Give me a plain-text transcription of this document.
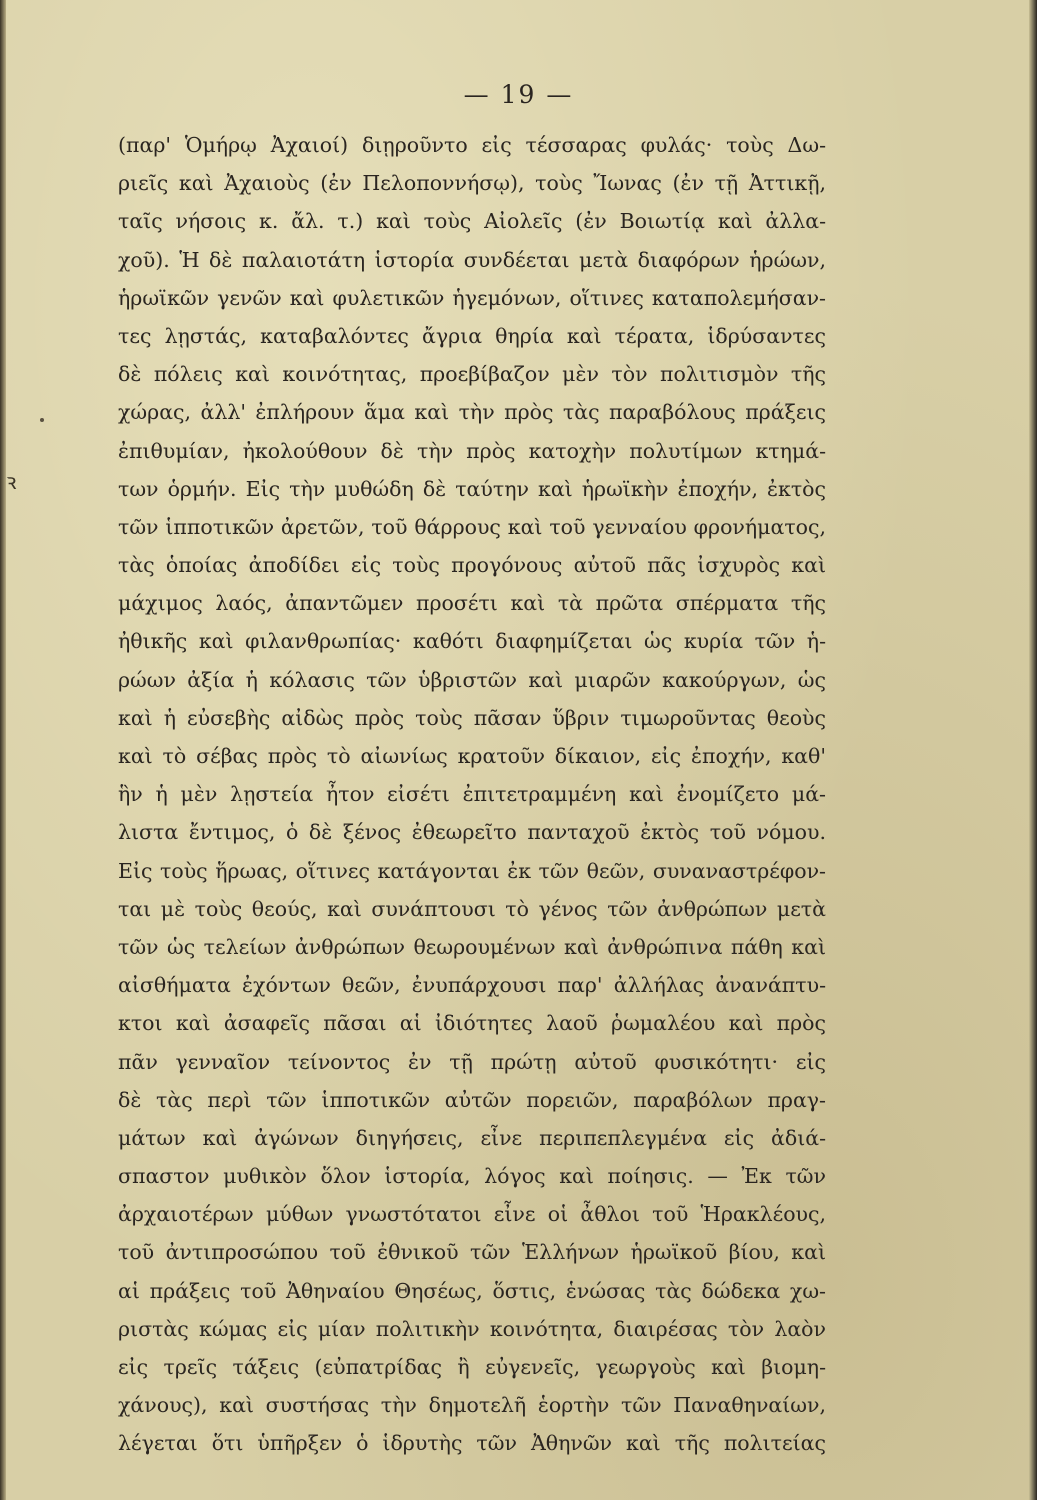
ꝛ
— 19 —
(παρ' Ὁμήρῳ Ἀχαιοί) διῃροῦντο εἰς τέσσαρας φυλάς· τοὺς Δω-
ριεῖς καὶ Ἀχαιοὺς (ἐν Πελοποννήσῳ), τοὺς Ἴωνας (ἐν τῇ Ἀττικῇ,
ταῖς νήσοις κ. ἄλ. τ.) καὶ τοὺς Αἰολεῖς (ἐν Βοιωτίᾳ καὶ ἀλλα-
χοῦ). Ἡ δὲ παλαιοτάτη ἱστορία συνδέεται μετὰ διαφόρων ἡρώων,
ἡρωϊκῶν γενῶν καὶ φυλετικῶν ἡγεμόνων, οἵτινες καταπολεμήσαν-
τες λῃστάς, καταβαλόντες ἄγρια θηρία καὶ τέρατα, ἱδρύσαντες
δὲ πόλεις καὶ κοινότητας, προεβίβαζον μὲν τὸν πολιτισμὸν τῆς
χώρας, ἀλλ' ἐπλήρουν ἅμα καὶ τὴν πρὸς τὰς παραβόλους πράξεις
ἐπιθυμίαν, ἠκολούθουν δὲ τὴν πρὸς κατοχὴν πολυτίμων κτημά-
των ὁρμήν. Εἰς τὴν μυθώδη δὲ ταύτην καὶ ἡρωϊκὴν ἐποχήν, ἐκτὸς
τῶν ἱπποτικῶν ἀρετῶν, τοῦ θάρρους καὶ τοῦ γενναίου φρονήματος,
τὰς ὁποίας ἀποδίδει εἰς τοὺς προγόνους αὐτοῦ πᾶς ἰσχυρὸς καὶ
μάχιμος λαός, ἀπαντῶμεν προσέτι καὶ τὰ πρῶτα σπέρματα τῆς
ἠθικῆς καὶ φιλανθρωπίας· καθότι διαφημίζεται ὡς κυρία τῶν ἡ-
ρώων ἀξία ἡ κόλασις τῶν ὑβριστῶν καὶ μιαρῶν κακούργων, ὡς
καὶ ἡ εὐσεβὴς αἰδὼς πρὸς τοὺς πᾶσαν ὕβριν τιμωροῦντας θεοὺς
καὶ τὸ σέβας πρὸς τὸ αἰωνίως κρατοῦν δίκαιον, εἰς ἐποχήν, καθ'
ἣν ἡ μὲν λῃστεία ἦτον εἰσέτι ἐπιτετραμμένη καὶ ἐνομίζετο μά-
λιστα ἔντιμος, ὁ δὲ ξένος ἐθεωρεῖτο πανταχοῦ ἐκτὸς τοῦ νόμου.
Εἰς τοὺς ἥρωας, οἵτινες κατάγονται ἐκ τῶν θεῶν, συναναστρέφον-
ται μὲ τοὺς θεούς, καὶ συνάπτουσι τὸ γένος τῶν ἀνθρώπων μετὰ
τῶν ὡς τελείων ἀνθρώπων θεωρουμένων καὶ ἀνθρώπινα πάθη καὶ
αἰσθήματα ἐχόντων θεῶν, ἐνυπάρχουσι παρ' ἀλλήλας ἀνανάπτυ-
κτοι καὶ ἀσαφεῖς πᾶσαι αἱ ἰδιότητες λαοῦ ῥωμαλέου καὶ πρὸς
πᾶν γενναῖον τείνοντος ἐν τῇ πρώτῃ αὐτοῦ φυσικότητι· εἰς
δὲ τὰς περὶ τῶν ἱπποτικῶν αὐτῶν πορειῶν, παραβόλων πραγ-
μάτων καὶ ἀγώνων διηγήσεις, εἶνε περιπεπλεγμένα εἰς ἀδιά-
σπαστον μυθικὸν ὅλον ἱστορία, λόγος καὶ ποίησις. — Ἐκ τῶν
ἀρχαιοτέρων μύθων γνωστότατοι εἶνε οἱ ἆθλοι τοῦ Ἡρακλέους,
τοῦ ἀντιπροσώπου τοῦ ἐθνικοῦ τῶν Ἑλλήνων ἡρωϊκοῦ βίου, καὶ
αἱ πράξεις τοῦ Ἀθηναίου Θησέως, ὅστις, ἑνώσας τὰς δώδεκα χω-
ριστὰς κώμας εἰς μίαν πολιτικὴν κοινότητα, διαιρέσας τὸν λαὸν
εἰς τρεῖς τάξεις (εὐπατρίδας ἢ εὐγενεῖς, γεωργοὺς καὶ βιομη-
χάνους), καὶ συστήσας τὴν δημοτελῆ ἑορτὴν τῶν Παναθηναίων,
λέγεται ὅτι ὑπῆρξεν ὁ ἱδρυτὴς τῶν Ἀθηνῶν καὶ τῆς πολιτείας
